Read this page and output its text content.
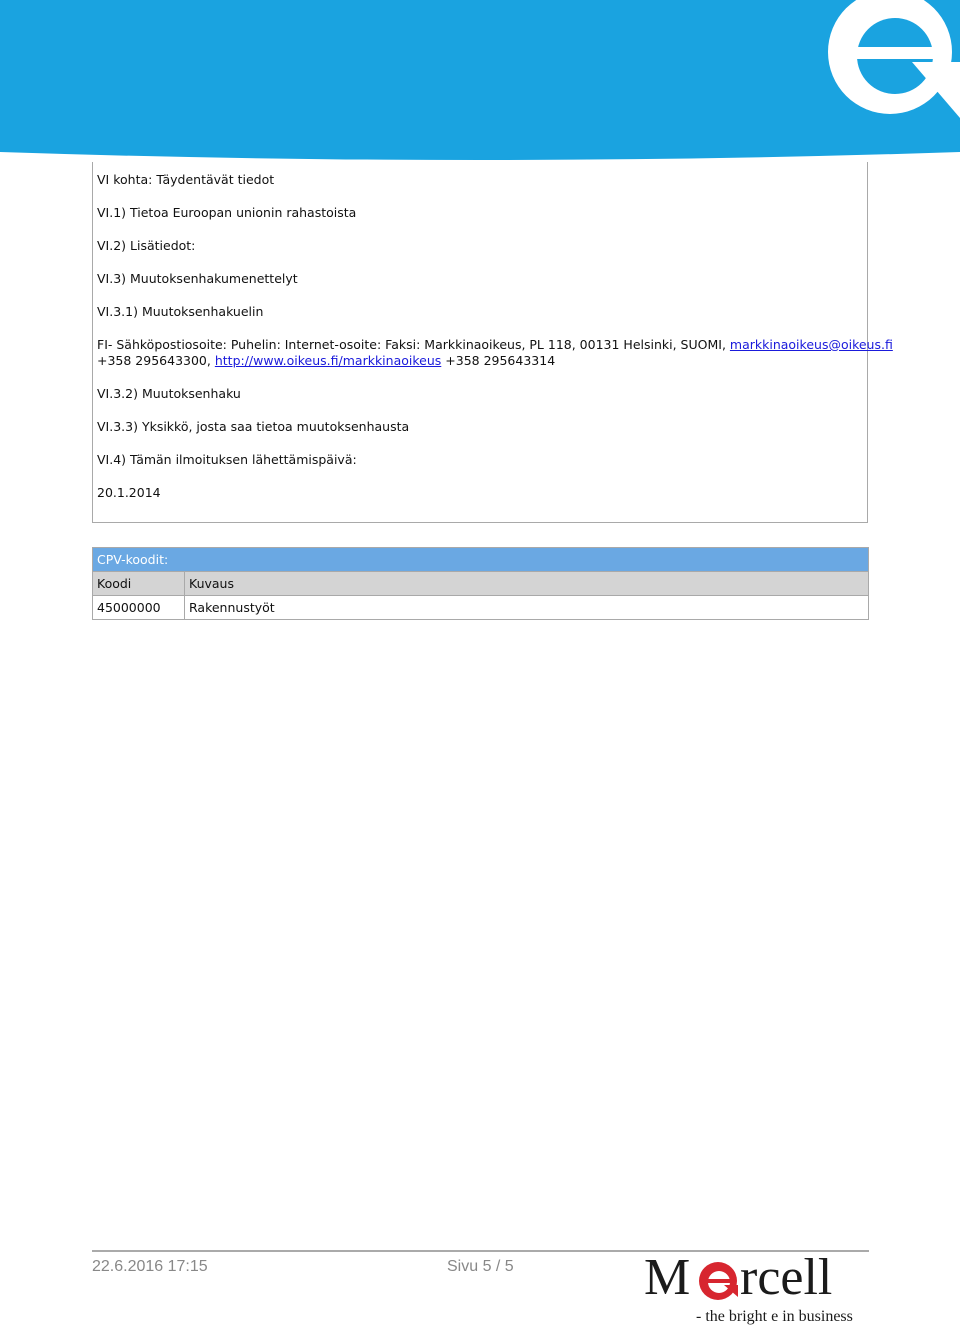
VI kohta: Täydentävät tiedot

VI.1) Tietoa Euroopan unionin rahastoista

VI.2) Lisätiedot:

VI.3) Muutoksenhakumenettelyt

VI.3.1) Muutoksenhakuelin

FI- Sähköpostiosoite: Puhelin: Internet-osoite: Faksi: Markkinaoikeus, PL 118, 00131 Helsinki, SUOMI, markkinaoikeus@oikeus.fi

+358 295643300, http://www.oikeus.fi/markkinaoikeus +358 295643314

VI.3.2) Muutoksenhaku

VI.3.3) Yksikkö, josta saa tietoa muutoksenhausta

VI.4) Tämän ilmoituksen lähettämispäivä:

20.1.2014

CPV-koodit:	
Koodi	Kuvaus
45000000	Rakennustyöt
22.6.2016 17:15	Sivu 5 / 5	M rcell
- the bright e in business
